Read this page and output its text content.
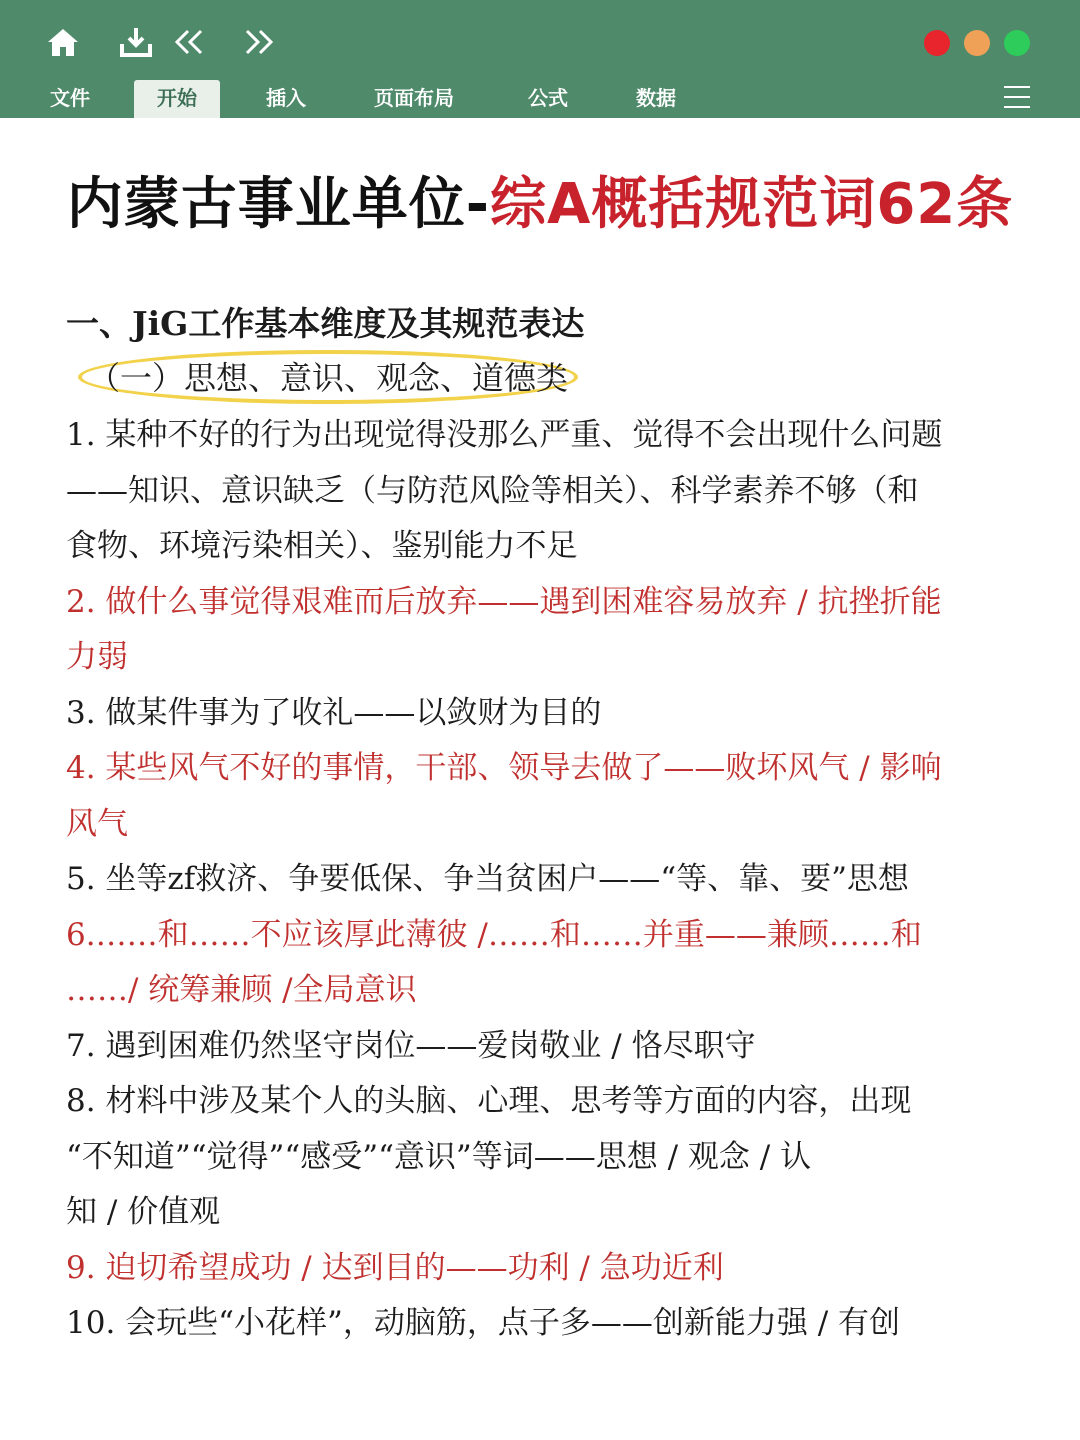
文件	开始	插入	页面布局	公式	数据
内蒙古事业单位-综A概括规范词62条
一、JiG工作基本维度及其规范表达
（一）思想、意识、观念、道德类
1. 某种不好的行为出现觉得没那么严重、觉得不会出现什么问题
——知识、意识缺乏（与防范风险等相关）、科学素养不够（和
食物、环境污染相关）、鉴别能力不足
2. 做什么事觉得艰难而后放弃——遇到困难容易放弃 / 抗挫折能
力弱
3. 做某件事为了收礼——以敛财为目的
4. 某些风气不好的事情，干部、领导去做了——败坏风气 / 影响
风气
5. 坐等zf救济、争要低保、争当贫困户——“等、靠、要”思想
6.……和……不应该厚此薄彼 /……和……并重——兼顾……和
……/ 统筹兼顾 /全局意识
7. 遇到困难仍然坚守岗位——爱岗敬业 / 恪尽职守
8. 材料中涉及某个人的头脑、心理、思考等方面的内容，出现
“不知道”“觉得”“感受”“意识”等词——思想 / 观念 / 认
知 / 价值观
9. 迫切希望成功 / 达到目的——功利 / 急功近利
10. 会玩些“小花样”，动脑筋，点子多——创新能力强 / 有创
